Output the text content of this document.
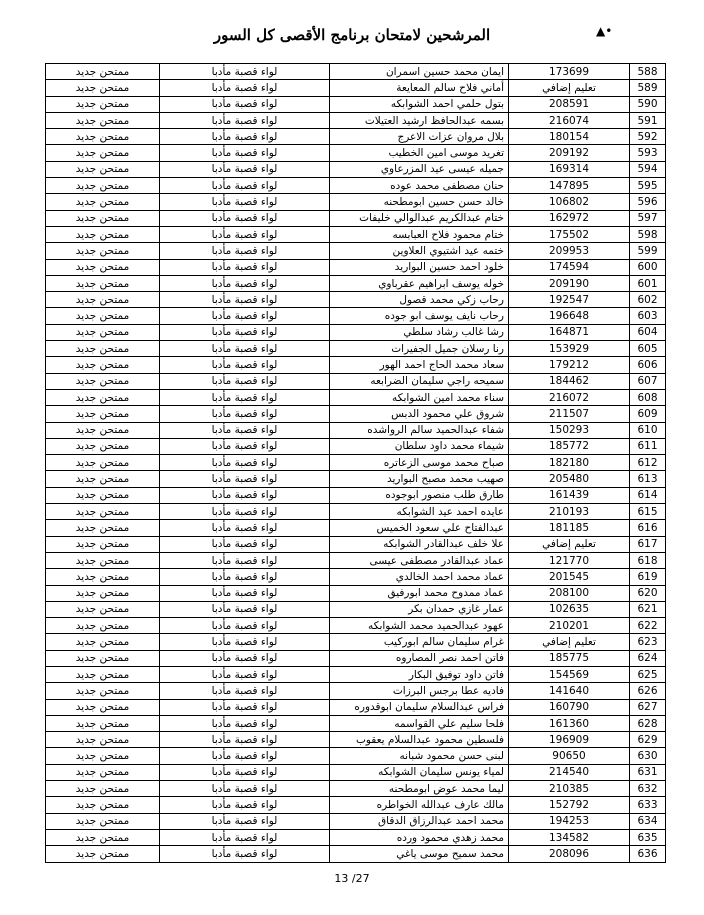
▲•
المرشحين لامتحان برنامج الأقصى كل السور
588	173699	ايمان محمد حسين اسمران	لواء قصبة مأدبا	ممتحن جديد
589	تعليم إضافي	أماني فلاح سالم المعايعة	لواء قصبة مأدبا	ممتحن جديد
590	208591	بتول حلمي احمد الشوابكه	لواء قصبة مأدبا	ممتحن جديد
591	216074	بسمه عبدالحافظ ارشيد العتيلات	لواء قصبة مأدبا	ممتحن جديد
592	180154	بلال مروان عزات الاعرج	لواء قصبة مأدبا	ممتحن جديد
593	209192	تغريد موسى امين الخطيب	لواء قصبة مأدبا	ممتحن جديد
594	169314	جميله عيسى عيد المزرعاوي	لواء قصبة مأدبا	ممتحن جديد
595	147895	حنان مصطفى محمد عوده	لواء قصبة مأدبا	ممتحن جديد
596	106802	خالد حسن حسين ابومطحنه	لواء قصبة مأدبا	ممتحن جديد
597	162972	ختام عبدالكريم عبدالوالي خليفات	لواء قصبة مأدبا	ممتحن جديد
598	175502	ختام محمود فلاح العبابسه	لواء قصبة مأدبا	ممتحن جديد
599	209953	ختمه عيد اشتيوي العلاوين	لواء قصبة مأدبا	ممتحن جديد
600	174594	خلود احمد حسين البواريد	لواء قصبة مأدبا	ممتحن جديد
601	209190	خوله يوسف ابراهيم عقرباوي	لواء قصبة مأدبا	ممتحن جديد
602	192547	رحاب زكي محمد قصول	لواء قصبة مأدبا	ممتحن جديد
603	196648	رحاب نايف يوسف ابو جوده	لواء قصبة مأدبا	ممتحن جديد
604	164871	رشا غالب رشاد سلطي	لواء قصبة مأدبا	ممتحن جديد
605	153929	رنا رسلان جميل الجفيرات	لواء قصبة مأدبا	ممتحن جديد
606	179212	سعاد محمد الحاج احمد الهور	لواء قصبة مأدبا	ممتحن جديد
607	184462	سميحه راجي سليمان الضرابعه	لواء قصبة مأدبا	ممتحن جديد
608	216072	سناء محمد امين الشوابكه	لواء قصبة مأدبا	ممتحن جديد
609	211507	شروق علي محمود الدبس	لواء قصبة مأدبا	ممتحن جديد
610	150293	شفاء عبدالحميد سالم الرواشده	لواء قصبة مأدبا	ممتحن جديد
611	185772	شيماء محمد داود سلطان	لواء قصبة مأدبا	ممتحن جديد
612	182180	صباح محمد موسى الزعاتره	لواء قصبة مأدبا	ممتحن جديد
613	205480	صهيب محمد مصبح البواريد	لواء قصبة مأدبا	ممتحن جديد
614	161439	طارق طلب منصور ابوجوده	لواء قصبة مأدبا	ممتحن جديد
615	210193	عايده احمد عيد الشوابكه	لواء قصبة مأدبا	ممتحن جديد
616	181185	عبدالفتاح علي سعود الخميس	لواء قصبة مأدبا	ممتحن جديد
617	تعليم إضافي	علا خلف عبدالقادر الشوابكه	لواء قصبة مأدبا	ممتحن جديد
618	121770	عماد عبدالقادر مصطفى عيسى	لواء قصبة مأدبا	ممتحن جديد
619	201545	عماد محمد احمد الخالدي	لواء قصبة مأدبا	ممتحن جديد
620	208100	عماد ممدوح محمد ابورفيق	لواء قصبة مأدبا	ممتحن جديد
621	102635	عمار غازي حمدان بكر	لواء قصبة مأدبا	ممتحن جديد
622	210201	عهود عبدالحميد محمد الشوابكه	لواء قصبة مأدبا	ممتحن جديد
623	تعليم إضافي	غرام سليمان سالم ابوركيب	لواء قصبة مأدبا	ممتحن جديد
624	185775	فاتن احمد نصر المصاروه	لواء قصبة مأدبا	ممتحن جديد
625	154569	فاتن داود توفيق البكار	لواء قصبة مأدبا	ممتحن جديد
626	141640	فاديه عطا برجس البرزات	لواء قصبة مأدبا	ممتحن جديد
627	160790	فراس عبدالسلام سليمان ابوقدوره	لواء قصبة مأدبا	ممتحن جديد
628	161360	فلحا سليم علي القواسمه	لواء قصبة مأدبا	ممتحن جديد
629	196909	فلسطين محمود عبدالسلام يعقوب	لواء قصبة مأدبا	ممتحن جديد
630	90650	لبنى حسن محمود شبانه	لواء قصبة مأدبا	ممتحن جديد
631	214540	لمياء يونس سليمان الشوابكه	لواء قصبة مأدبا	ممتحن جديد
632	210385	ليما محمد عوض ابومطحنه	لواء قصبة مأدبا	ممتحن جديد
633	152792	مالك عارف عبدالله الخواطره	لواء قصبة مأدبا	ممتحن جديد
634	194253	محمد احمد عبدالرزاق الدقاق	لواء قصبة مأدبا	ممتحن جديد
635	134582	محمد زهدي محمود ورده	لواء قصبة مأدبا	ممتحن جديد
636	208096	محمد سميح موسى ياغي	لواء قصبة مأدبا	ممتحن جديد
13 /27
